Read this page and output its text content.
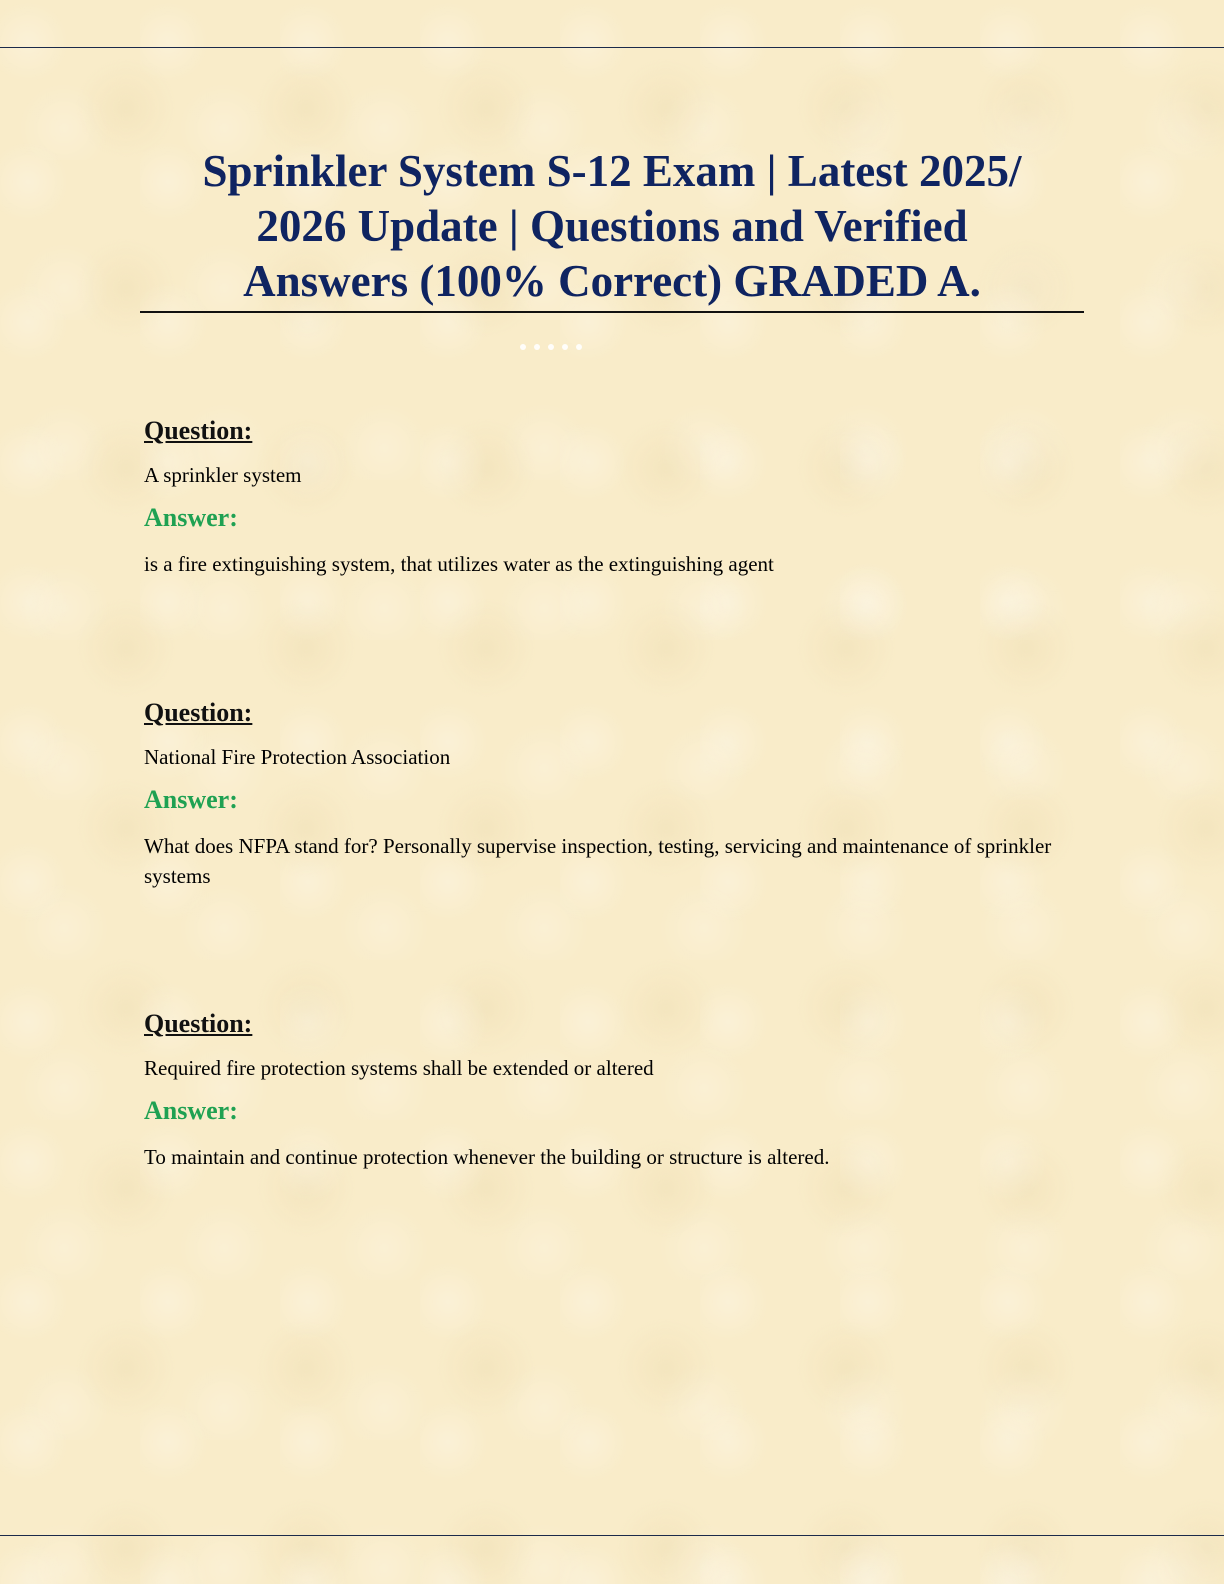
Sprinkler System S-12 Exam | Latest 2025/
2026 Update | Questions and Verified
Answers (100% Correct) GRADED A.
Question:
A sprinkler system
Answer:
is a fire extinguishing system, that utilizes water as the extinguishing agent
Question:
National Fire Protection Association
Answer:
What does NFPA stand for? Personally supervise inspection, testing, servicing and maintenance of sprinkler systems
Question:
Required fire protection systems shall be extended or altered
Answer:
To maintain and continue protection whenever the building or structure is altered.
